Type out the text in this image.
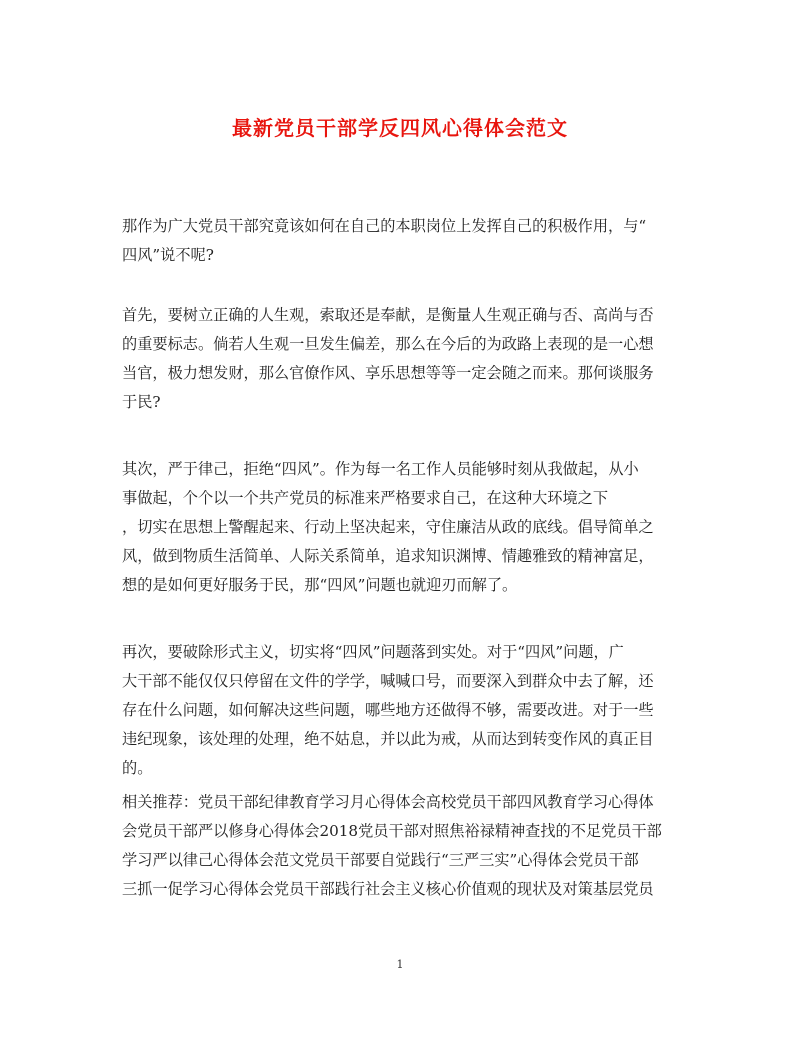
最新党员干部学反四风心得体会范文

那作为广大党员干部究竟该如何在自己的本职岗位上发挥自己的积极作用，与“
四风”说不呢?

首先，要树立正确的人生观，索取还是奉献，是衡量人生观正确与否、高尚与否
的重要标志。倘若人生观一旦发生偏差，那么在今后的为政路上表现的是一心想
当官，极力想发财，那么官僚作风、享乐思想等等一定会随之而来。那何谈服务
于民?

其次，严于律己，拒绝“四风”。作为每一名工作人员能够时刻从我做起，从小
事做起，个个以一个共产党员的标准来严格要求自己，在这种大环境之下
，切实在思想上警醒起来、行动上坚决起来，守住廉洁从政的底线。倡导简单之
风，做到物质生活简单、人际关系简单，追求知识渊博、情趣雅致的精神富足，
想的是如何更好服务于民，那“四风”问题也就迎刃而解了。

再次，要破除形式主义，切实将“四风”问题落到实处。对于“四风”问题，广
大干部不能仅仅只停留在文件的学学，喊喊口号，而要深入到群众中去了解，还
存在什么问题，如何解决这些问题，哪些地方还做得不够，需要改进。对于一些
违纪现象，该处理的处理，绝不姑息，并以此为戒，从而达到转变作风的真正目
的。

相关推荐：党员干部纪律教育学习月心得体会高校党员干部四风教育学习心得体
会党员干部严以修身心得体会2018党员干部对照焦裕禄精神查找的不足党员干部
学习严以律己心得体会范文党员干部要自觉践行“三严三实”心得体会党员干部
三抓一促学习心得体会党员干部践行社会主义核心价值观的现状及对策基层党员

1
